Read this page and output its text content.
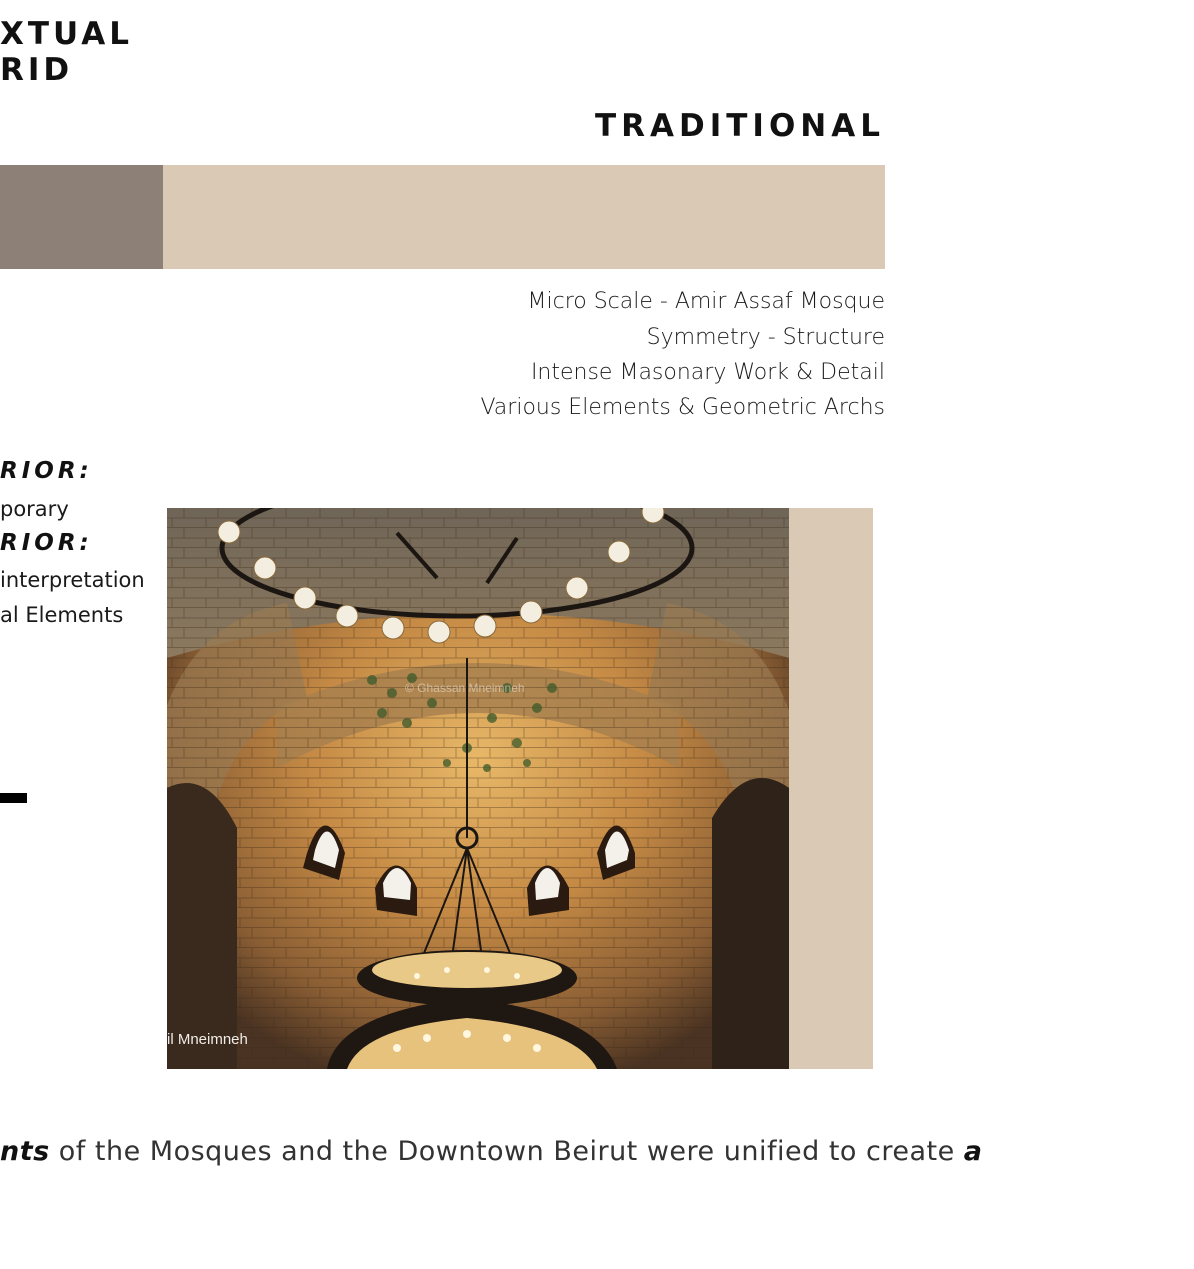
XTUAL
RID
TRADITIONAL
Micro Scale - Amir Assaf Mosque
Symmetry - Structure
Intense Masonary Work & Detail
Various Elements & Geometric Archs
RIOR:
porary
RIOR:
interpretation
al Elements
© Ghassan Mneimneh
il Mneimneh
nts of the Mosques and the Downtown Beirut were unified to create a
